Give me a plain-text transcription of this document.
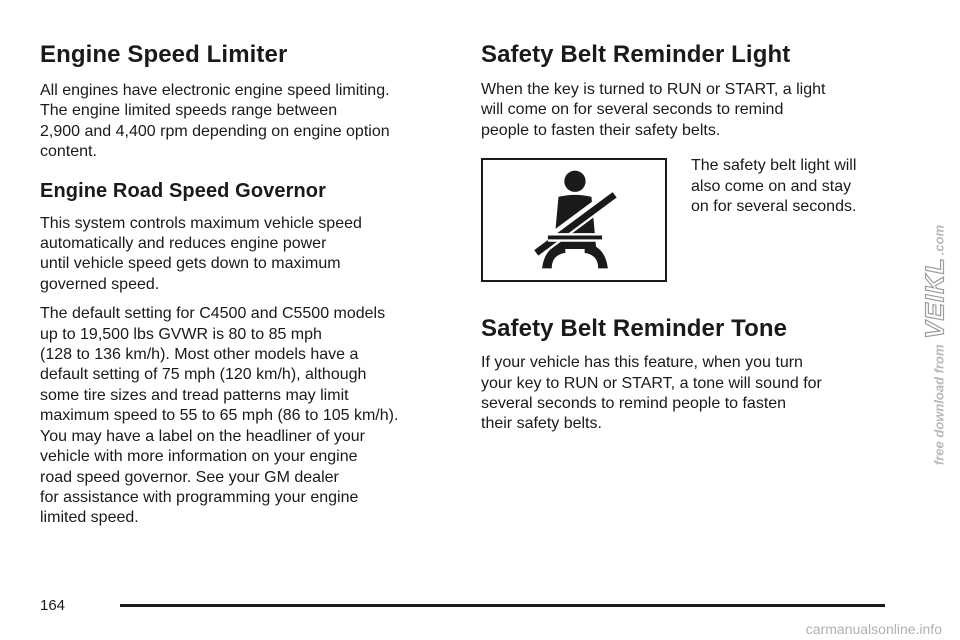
Engine Speed Limiter

All engines have electronic engine speed limiting.
The engine limited speeds range between
2,900 and 4,400 rpm depending on engine option
content.

Engine Road Speed Governor

This system controls maximum vehicle speed
automatically and reduces engine power
until vehicle speed gets down to maximum
governed speed.

The default setting for C4500 and C5500 models
up to 19,500 lbs GVWR is 80 to 85 mph
(128 to 136 km/h). Most other models have a
default setting of 75 mph (120 km/h), although
some tire sizes and tread patterns may limit
maximum speed to 55 to 65 mph (86 to 105 km/h).
You may have a label on the headliner of your
vehicle with more information on your engine
road speed governor. See your GM dealer
for assistance with programming your engine
limited speed.

Safety Belt Reminder Light

When the key is turned to RUN or START, a light
will come on for several seconds to remind
people to fasten their safety belts.

The safety belt light will
also come on and stay
on for several seconds.

Safety Belt Reminder Tone

If your vehicle has this feature, when you turn
your key to RUN or START, a tone will sound for
several seconds to remind people to fasten
their safety belts.

164
free download from VEIKL.com
carmanualsonline.info
